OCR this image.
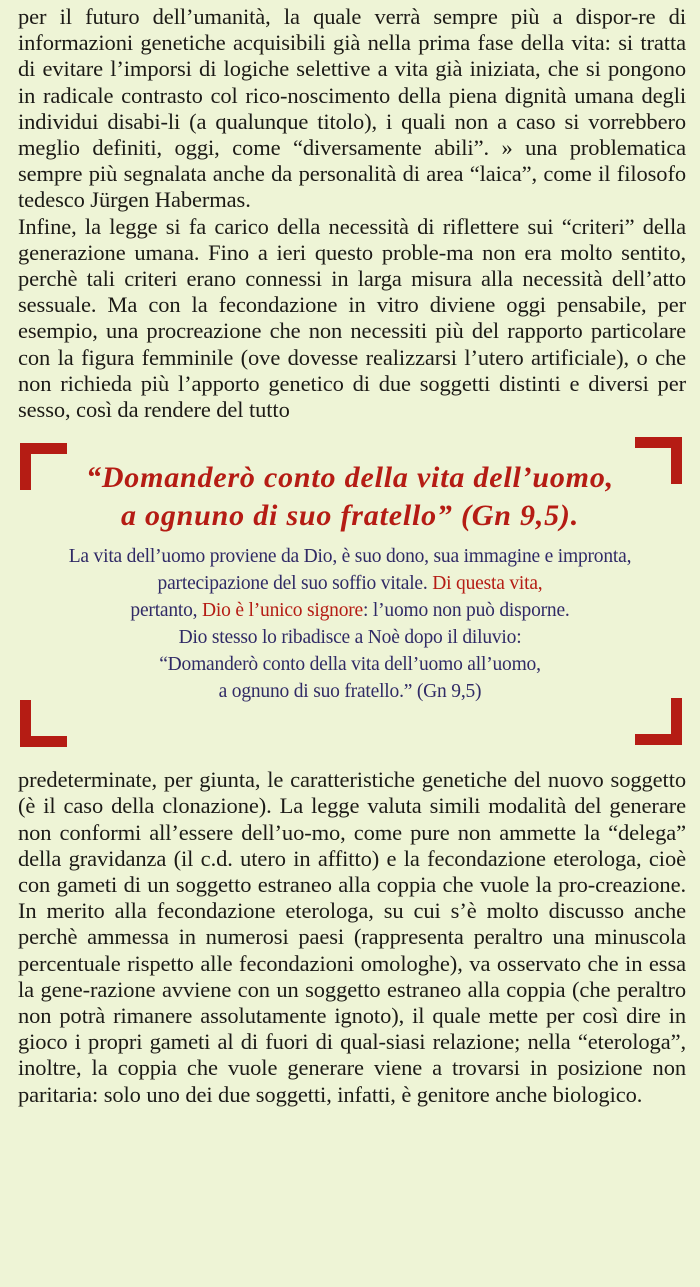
per il futuro dell’umanità, la quale verrà sempre più a dispor-re di informazioni genetiche acquisibili già nella prima fase della vita: si tratta di evitare l’imporsi di logiche selettive a vita già iniziata, che si pongono in radicale contrasto col rico-noscimento della piena dignità umana degli individui disabi-li (a qualunque titolo), i quali non a caso si vorrebbero meglio definiti, oggi, come “diversamente abili”. » una problematica sempre più segnalata anche da personalità di area “laica”, come il filosofo tedesco Jürgen Habermas.

Infine, la legge si fa carico della necessità di riflettere sui “criteri” della generazione umana. Fino a ieri questo proble-ma non era molto sentito, perchè tali criteri erano connessi in larga misura alla necessità dell’atto sessuale. Ma con la fecondazione in vitro diviene oggi pensabile, per esempio, una procreazione che non necessiti più del rapporto particolare con la figura femminile (ove dovesse realizzarsi l’utero artificiale), o che non richieda più l’apporto genetico di due soggetti distinti e diversi per sesso, così da rendere del tutto

“Domanderò conto della vita dell’uomo,
a ognuno di suo fratello” (Gn 9,5).
La vita dell’uomo proviene da Dio, è suo dono, sua immagine e impronta, partecipazione del suo soffio vitale. Di questa vita,
pertanto, Dio è l’unico signore: l’uomo non può disporne.
Dio stesso lo ribadisce a Noè dopo il diluvio:
“Domanderò conto della vita dell’uomo all’uomo,
a ognuno di suo fratello.” (Gn 9,5)

predeterminate, per giunta, le caratteristiche genetiche del nuovo soggetto (è il caso della clonazione). La legge valuta simili modalità del generare non conformi all’essere dell’uo-mo, come pure non ammette la “delega” della gravidanza (il c.d. utero in affitto) e la fecondazione eterologa, cioè con gameti di un soggetto estraneo alla coppia che vuole la pro-creazione. In merito alla fecondazione eterologa, su cui s’è molto discusso anche perchè ammessa in numerosi paesi (rappresenta peraltro una minuscola percentuale rispetto alle fecondazioni omologhe), va osservato che in essa la gene-razione avviene con un soggetto estraneo alla coppia (che peraltro non potrà rimanere assolutamente ignoto), il quale mette per così dire in gioco i propri gameti al di fuori di qual-siasi relazione; nella “eterologa”, inoltre, la coppia che vuole generare viene a trovarsi in posizione non paritaria: solo uno dei due soggetti, infatti, è genitore anche biologico.
